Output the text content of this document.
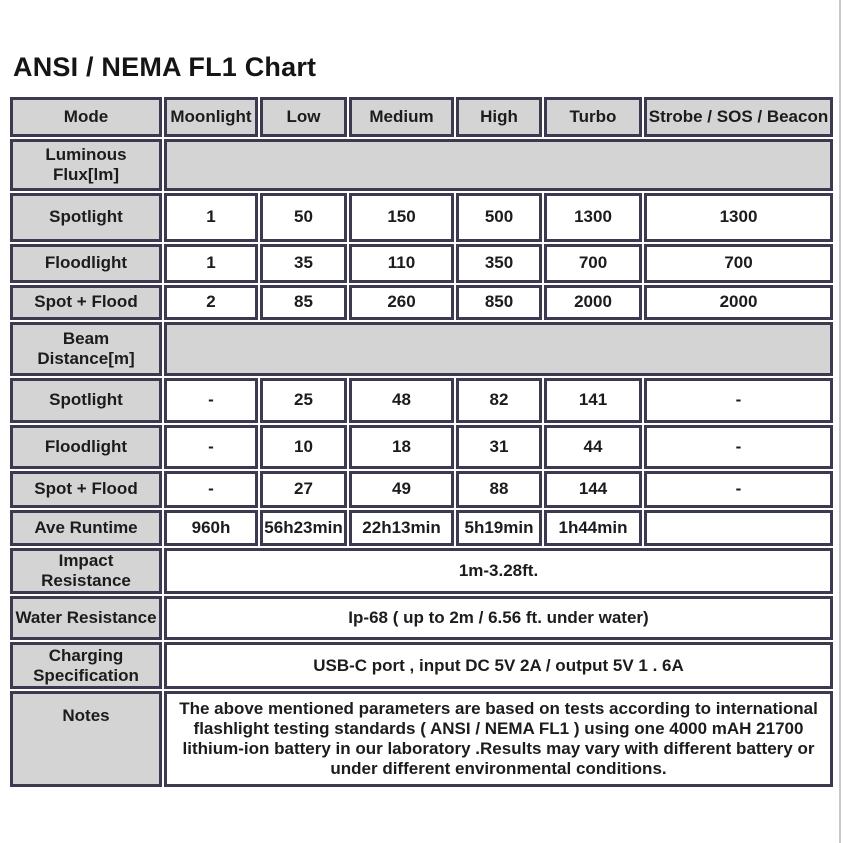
ANSI / NEMA FL1 Chart
Mode	Moonlight	Low	Medium	High	Turbo	Strobe / SOS / Beacon
Luminous Flux[lm]						
Spotlight	1	50	150	500	1300	1300
Floodlight	1	35	110	350	700	700
Spot + Flood	2	85	260	850	2000	2000
Beam Distance[m]						
Spotlight	-	25	48	82	141	-
Floodlight	-	10	18	31	44	-
Spot + Flood	-	27	49	88	144	-
Ave Runtime	960h	56h23min	22h13min	5h19min	1h44min	
Impact Resistance	1m-3.28ft.					
Water Resistance	Ip-68 ( up to 2m / 6.56 ft. under water)					
Charging Specification	USB-C port , input DC 5V 2A / output 5V 1 . 6A					
Notes	The above mentioned parameters are based on tests according to international flashlight testing standards ( ANSI / NEMA FL1 ) using one 4000 mAH 21700 lithium-ion battery in our laboratory .Results may vary with different battery or under different environmental conditions.					
